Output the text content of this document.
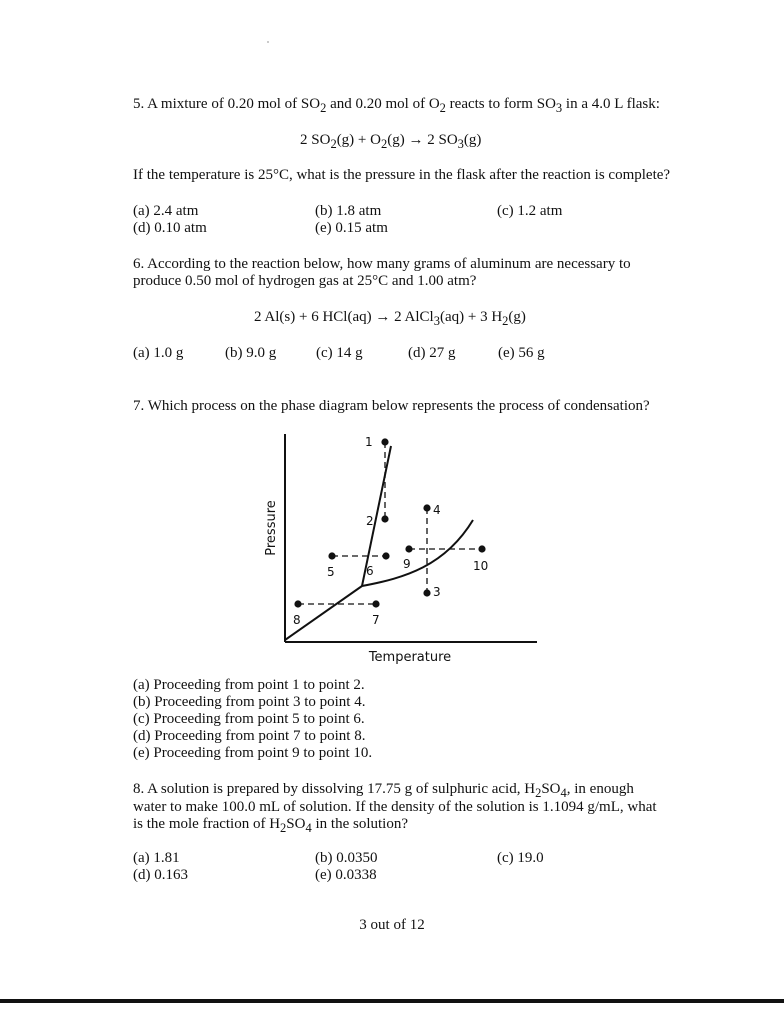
5. A mixture of 0.20 mol of $SO_2$ and 0.20 mol of $O_2$ reacts to form $SO_3$ in a 4.0 L flask:
2 $SO_2(g) + O_2(g) \to 2$ $SO_3(g)$
If the temperature is 25°C, what is the pressure in the flask after the reaction is complete?
(a) 2.4 atm	(b) 1.8 atm	(c) 1.2 atm
(d) 0.10 atm	(e) 0.15 atm
6. According to the reaction below, how many grams of aluminum are necessary to
produce 0.50 mol of hydrogen gas at 25°C and 1.00 atm?
2 Al(s) + 6 HCl(aq) → 2 AlCl$_3$(aq) + 3 $H_2(g)$
(a) 1.0 g	(b) 9.0 g	(c) 14 g	(d) 27 g	(e) 56 g
7. Which process on the phase diagram below represents the process of condensation?
1
2
3
4
5	6
7
8
9	10
Pressure
Temperature
(a) Proceeding from point 1 to point 2.
(b) Proceeding from point 3 to point 4.
(c) Proceeding from point 5 to point 6.
(d) Proceeding from point 7 to point 8.
(e) Proceeding from point 9 to point 10.
8. A solution is prepared by dissolving 17.75 g of sulphuric acid, $H_2SO_4$, in enough
water to make 100.0 mL of solution. If the density of the solution is 1.1094 g/mL, what
is the mole fraction of $H_2SO_4$ in the solution?
(a) 1.81	(b) 0.0350	(c) 19.0
(d) 0.163	(e) 0.0338
3 out of 12
